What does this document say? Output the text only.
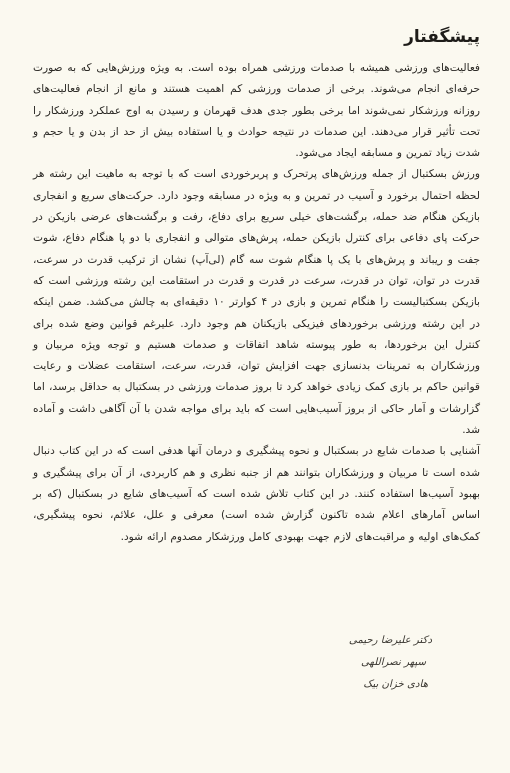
پیشگفتار

فعالیت‌های ورزشی همیشه با صدمات ورزشی همراه بوده است. به ویژه ورزش‌هایی که به صورت حرفه‌ای انجام می‌شوند. برخی از صدمات ورزشی کم اهمیت هستند و مانع از انجام فعالیت‌های روزانه ورزشکار نمی‌شوند اما برخی بطور جدی هدف قهرمان و رسیدن به اوج عملکرد ورزشکار را تحت تأثیر قرار می‌دهند. این صدمات در نتیجه حوادث و یا استفاده بیش از حد از بدن و یا حجم و شدت زیاد تمرین و مسابقه ایجاد می‌شود.

ورزش بسکتبال از جمله ورزش‌های پرتحرک و پربرخوردی است که با توجه به ماهیت این رشته هر لحظه احتمال برخورد و آسیب در تمرین و به ویژه در مسابقه وجود دارد. حرکت‌های سریع و انفجاری بازیکن هنگام ضد حمله، برگشت‌های خیلی سریع برای دفاع، رفت و برگشت‌های عرضی بازیکن در حرکت پای دفاعی برای کنترل بازیکن حمله، پرش‌های متوالی و انفجاری با دو پا هنگام دفاع، شوت جفت و ریباند و پرش‌های با یک پا هنگام شوت سه گام (لی‌آپ) نشان از ترکیب قدرت در سرعت، قدرت در توان، توان در قدرت، سرعت در قدرت و قدرت در استقامت این رشته ورزشی است که بازیکن بسکتبالیست را هنگام تمرین و بازی در ۴ کوارتر ۱۰ دقیقه‌ای به چالش می‌کشد. ضمن اینکه در این رشته ورزشی برخوردهای فیزیکی بازیکنان هم وجود دارد. علیرغم قوانین وضع شده برای کنترل این برخوردها، به طور پیوسته شاهد اتفاقات و صدمات هستیم و توجه ویژه مربیان و ورزشکاران به تمرینات بدنسازی جهت افزایش توان، قدرت، سرعت، استقامت عضلات و رعایت قوانین حاکم بر بازی کمک زیادی خواهد کرد تا بروز صدمات ورزشی در بسکتبال به حداقل برسد، اما گزارشات و آمار حاکی از بروز آسیب‌هایی است که باید برای مواجه شدن با آن آگاهی داشت و آماده شد.

آشنایی با صدمات شایع در بسکتبال و نحوه پیشگیری و درمان آنها هدفی است که در این کتاب دنبال شده است تا مربیان و ورزشکاران بتوانند هم از جنبه نظری و هم کاربردی، از آن برای پیشگیری و بهبود آسیب‌ها استفاده کنند. در این کتاب تلاش شده است که آسیب‌های شایع در بسکتبال (که بر اساس آمارهای اعلام شده تاکنون گزارش شده است) معرفی و علل، علائم، نحوه پیشگیری، کمک‌های اولیه و مراقبت‌های لازم جهت بهبودی کامل ورزشکار مصدوم ارائه شود.

دکتر علیرضا رحیمی

سپهر نصراللهی

هادی خزان بیک
